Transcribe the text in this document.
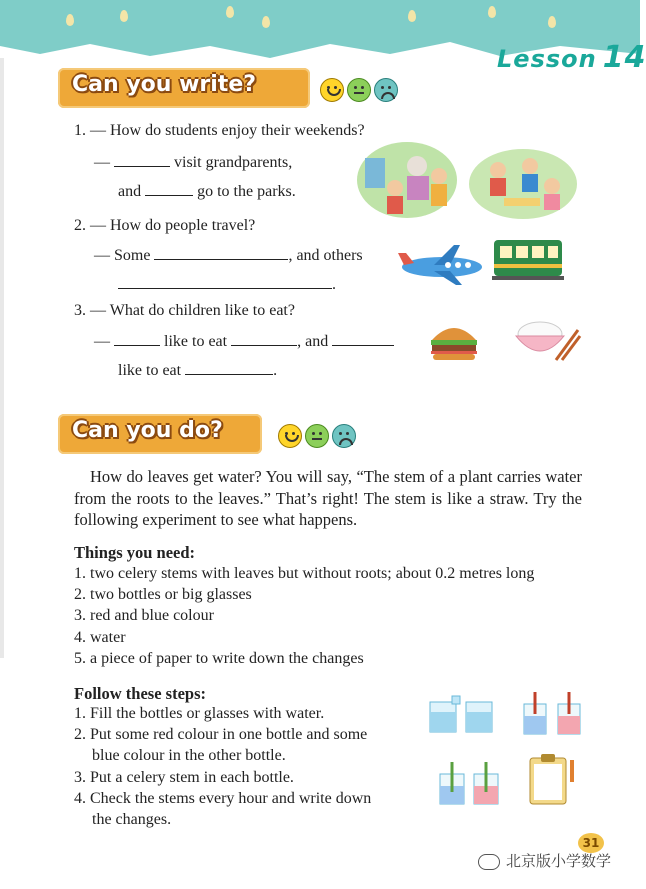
Lesson 14
Can you write?
1. — How do students enjoy their weekends?
—	visit grandparents,
and	go to the parks.
2. — How do people travel?
— Some	, and others
.
3. — What do children like to eat?
—	like to eat	, and
like to eat	.
Can you do?
How do leaves get water? You will say, “The stem of a plant carries water from the roots to the leaves.” That’s right! The stem is like a straw. Try the following experiment to see what happens.
Things you need:
1. two celery stems with leaves but without roots; about 0.2 metres long
2. two bottles or big glasses
3. red and blue colour
4. water
5. a piece of paper to write down the changes
Follow these steps:
1. Fill the bottles or glasses with water.
2. Put some red colour in one bottle and some
blue colour in the other bottle.
3. Put a celery stem in each bottle.
4. Check the stems every hour and write down
the changes.
31
北京版小学数学
